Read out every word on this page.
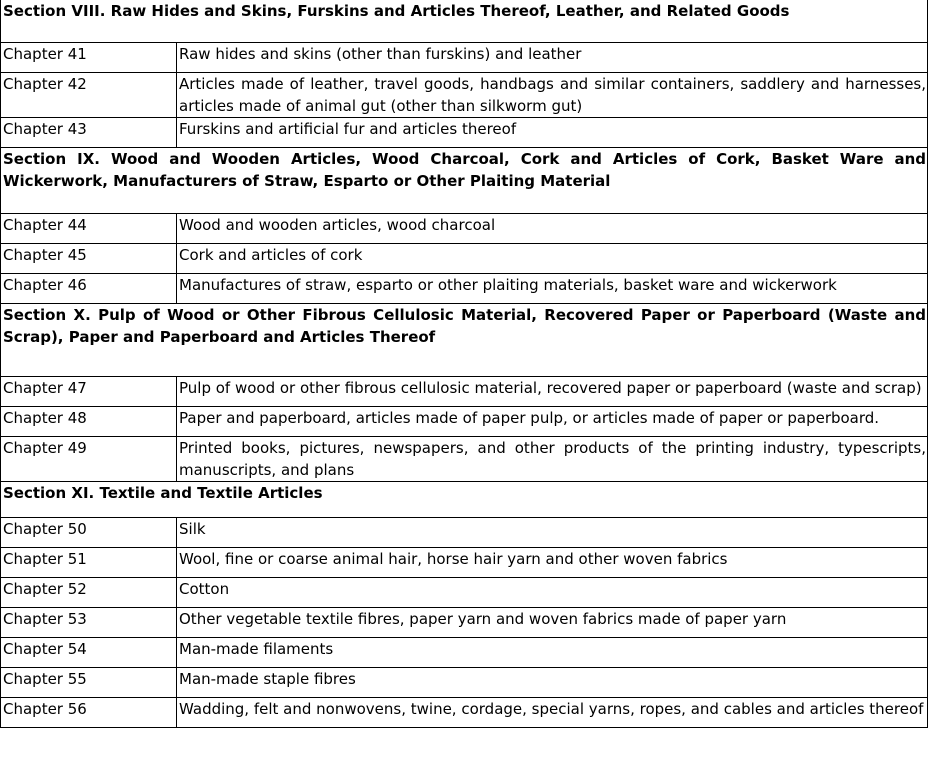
Section VIII. Raw Hides and Skins, Furskins and Articles Thereof, Leather, and Related Goods	
Chapter 41	Raw hides and skins (other than furskins) and leather
Chapter 42	Articles made of leather, travel goods, handbags and similar containers, saddlery and harnesses, articles made of animal gut (other than silkworm gut)
Chapter 43	Furskins and artificial fur and articles thereof
Section IX. Wood and Wooden Articles, Wood Charcoal, Cork and Articles of Cork, Basket Ware and Wickerwork, Manufacturers of Straw, Esparto or Other Plaiting Material	
Chapter 44	Wood and wooden articles, wood charcoal
Chapter 45	Cork and articles of cork
Chapter 46	Manufactures of straw, esparto or other plaiting materials, basket ware and wickerwork
Section X. Pulp of Wood or Other Fibrous Cellulosic Material, Recovered Paper or Paperboard (Waste and Scrap), Paper and Paperboard and Articles Thereof	
Chapter 47	Pulp of wood or other fibrous cellulosic material, recovered paper or paperboard (waste and scrap)
Chapter 48	Paper and paperboard, articles made of paper pulp, or articles made of paper or paperboard.
Chapter 49	Printed books, pictures, newspapers, and other products of the printing industry, typescripts, manuscripts, and plans
Section XI. Textile and Textile Articles	
Chapter 50	Silk
Chapter 51	Wool, fine or coarse animal hair, horse hair yarn and other woven fabrics
Chapter 52	Cotton
Chapter 53	Other vegetable textile fibres, paper yarn and woven fabrics made of paper yarn
Chapter 54	Man-made filaments
Chapter 55	Man-made staple fibres
Chapter 56	Wadding, felt and nonwovens, twine, cordage, special yarns, ropes, and cables and articles thereof
